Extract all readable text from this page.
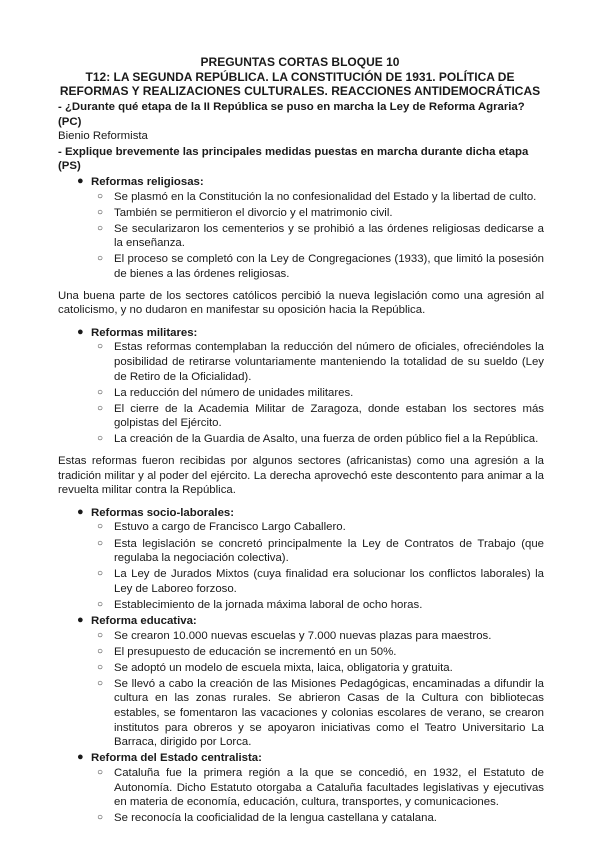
PREGUNTAS CORTAS BLOQUE 10
T12: LA SEGUNDA REPÚBLICA. LA CONSTITUCIÓN DE 1931. POLÍTICA DE
REFORMAS Y REALIZACIONES CULTURALES. REACCIONES ANTIDEMOCRÁTICAS

- ¿Durante qué etapa de la II República se puso en marcha la Ley de Reforma Agraria? (PC)

Bienio Reformista

- Explique brevemente las principales medidas puestas en marcha durante dicha etapa (PS)

● Reformas religiosas:

○ Se plasmó en la Constitución la no confesionalidad del Estado y la libertad de culto.
○ También se permitieron el divorcio y el matrimonio civil.
○ Se secularizaron los cementerios y se prohibió a las órdenes religiosas dedicarse a la enseñanza.
○ El proceso se completó con la Ley de Congregaciones (1933), que limitó la posesión de bienes a las órdenes religiosas.

Una buena parte de los sectores católicos percibió la nueva legislación como una agresión al catolicismo, y no dudaron en manifestar su oposición hacia la República.

● Reformas militares:

○ Estas reformas contemplaban la reducción del número de oficiales, ofreciéndoles la posibilidad de retirarse voluntariamente manteniendo la totalidad de su sueldo (Ley de Retiro de la Oficialidad).
○ La reducción del número de unidades militares.
○ El cierre de la Academia Militar de Zaragoza, donde estaban los sectores más golpistas del Ejército.
○ La creación de la Guardia de Asalto, una fuerza de orden público fiel a la República.

Estas reformas fueron recibidas por algunos sectores (africanistas) como una agresión a la tradición militar y al poder del ejército. La derecha aprovechó este descontento para animar a la revuelta militar contra la República.

● Reformas socio-laborales:

○ Estuvo a cargo de Francisco Largo Caballero.
○ Esta legislación se concretó principalmente la Ley de Contratos de Trabajo (que regulaba la negociación colectiva).
○ La Ley de Jurados Mixtos (cuya finalidad era solucionar los conflictos laborales) la Ley de Laboreo forzoso.
○ Establecimiento de la jornada máxima laboral de ocho horas.
● Reforma educativa:

○ Se crearon 10.000 nuevas escuelas y 7.000 nuevas plazas para maestros.
○ El presupuesto de educación se incrementó en un 50%.
○ Se adoptó un modelo de escuela mixta, laica, obligatoria y gratuita.
○ Se llevó a cabo la creación de las Misiones Pedagógicas, encaminadas a difundir la cultura en las zonas rurales. Se abrieron Casas de la Cultura con bibliotecas estables, se fomentaron las vacaciones y colonias escolares de verano, se crearon institutos para obreros y se apoyaron iniciativas como el Teatro Universitario La Barraca, dirigido por Lorca.
● Reforma del Estado centralista:

○ Cataluña fue la primera región a la que se concedió, en 1932, el Estatuto de Autonomía. Dicho Estatuto otorgaba a Cataluña facultades legislativas y ejecutivas en materia de economía, educación, cultura, transportes, y comunicaciones.
○ Se reconocía la cooficialidad de la lengua castellana y catalana.
